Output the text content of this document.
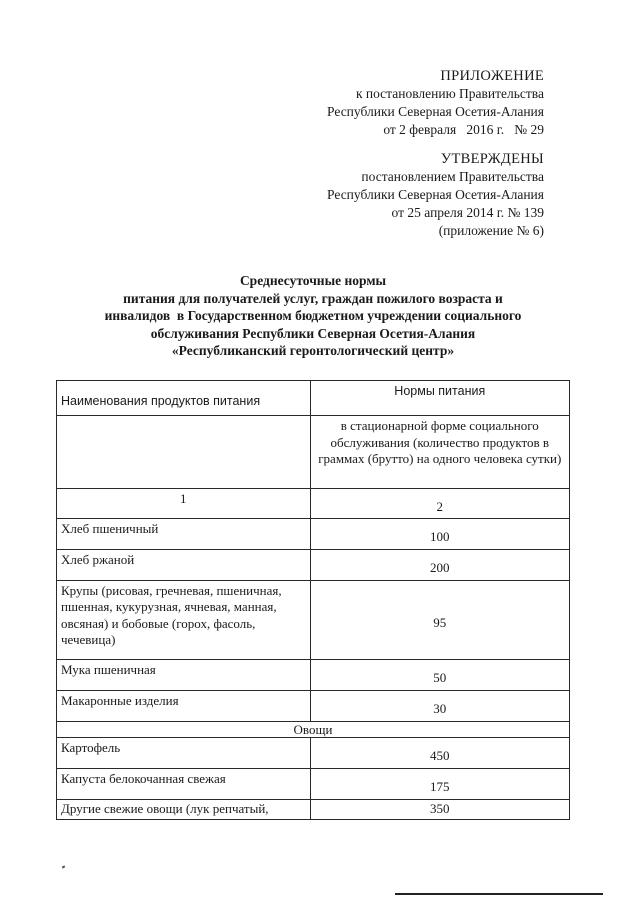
ПРИЛОЖЕНИЕ
к постановлению Правительства
Республики Северная Осетия-Алания
от 2 февраля   2016 г.   № 29
УТВЕРЖДЕНЫ
постановлением Правительства
Республики Северная Осетия-Алания
от 25 апреля 2014 г. № 139
(приложение № 6)
Среднесуточные нормы
питания для получателей услуг, граждан пожилого возраста и
инвалидов  в Государственном бюджетном учреждении социального
обслуживания Республики Северная Осетия-Алания
«Республиканский геронтологический центр»
Наименования продуктов питания	Нормы питания
	в стационарной форме социального обслуживания (количество продуктов в граммах (брутто) на одного человека сутки)
1	2
Хлеб пшеничный	100
Хлеб ржаной	200
Крупы (рисовая, гречневая, пшеничная, пшенная, кукурузная, ячневая, манная, овсяная) и бобовые (горох, фасоль, чечевица)	95
Мука пшеничная	50
Макаронные изделия	30
Овощи	
Картофель	450
Капуста белокочанная свежая	175
Другие свежие овощи (лук репчатый,	350
